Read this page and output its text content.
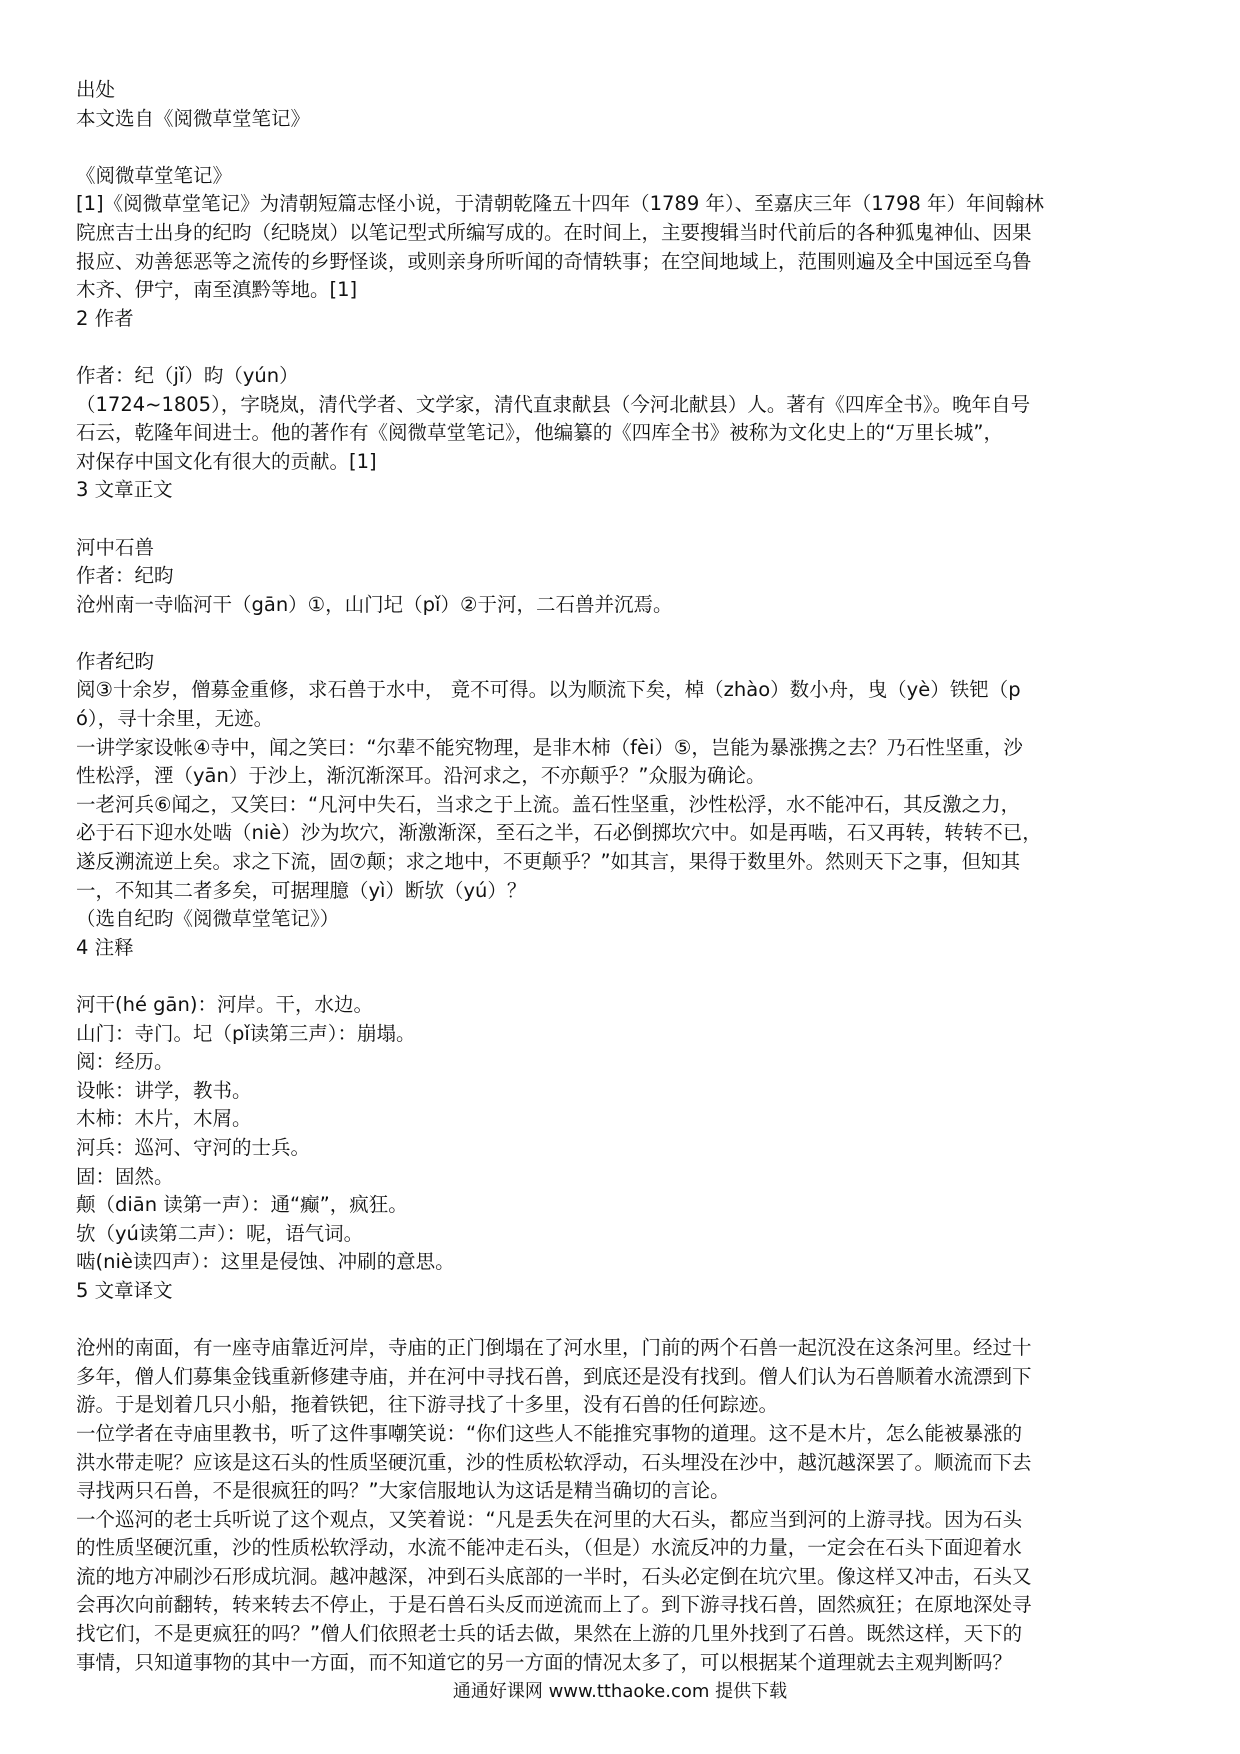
出处

本文选自《阅微草堂笔记》

《阅微草堂笔记》

[1]《阅微草堂笔记》为清朝短篇志怪小说，于清朝乾隆五十四年（1789 年）、至嘉庆三年（1798 年）年间翰林

院庶吉士出身的纪昀（纪晓岚）以笔记型式所编写成的。在时间上，主要搜辑当时代前后的各种狐鬼神仙、因果

报应、劝善惩恶等之流传的乡野怪谈，或则亲身所听闻的奇情轶事；在空间地域上，范围则遍及全中国远至乌鲁

木齐、伊宁，南至滇黔等地。[1]

2 作者

作者：纪（jǐ）昀（yún）

（1724~1805），字晓岚，清代学者、文学家，清代直隶献县（今河北献县）人。著有《四库全书》。晚年自号

石云，乾隆年间进士。他的著作有《阅微草堂笔记》，他编纂的《四库全书》被称为文化史上的“万里长城”，

对保存中国文化有很大的贡献。[1]

3 文章正文

河中石兽

作者：纪昀

沧州南一寺临河干（gān）①，山门圮（pǐ）②于河，二石兽并沉焉。

作者纪昀

阅③十余岁，僧募金重修，求石兽于水中， 竟不可得。以为顺流下矣，棹（zhào）数小舟，曳（yè）铁钯（p

ó），寻十余里，无迹。

一讲学家设帐④寺中，闻之笑曰：“尔辈不能究物理，是非木柿（fèi）⑤，岂能为暴涨携之去？乃石性坚重，沙

性松浮，湮（yān）于沙上，渐沉渐深耳。沿河求之，不亦颠乎？”众服为确论。

一老河兵⑥闻之，又笑曰：“凡河中失石，当求之于上流。盖石性坚重，沙性松浮，水不能冲石，其反激之力，

必于石下迎水处啮（niè）沙为坎穴，渐激渐深，至石之半，石必倒掷坎穴中。如是再啮，石又再转，转转不已，

遂反溯流逆上矣。求之下流，固⑦颠；求之地中，不更颠乎？”如其言，果得于数里外。然则天下之事，但知其

一，不知其二者多矣，可据理臆（yì）断欤（yú）？

（选自纪昀《阅微草堂笔记》）

4 注释

河干(hé gān)：河岸。干，水边。

山门：寺门。圮（pǐ读第三声）：崩塌。

阅：经历。

设帐：讲学，教书。

木柿：木片，木屑。

河兵：巡河、守河的士兵。

固：固然。

颠（diān 读第一声）：通“癫”，疯狂。

欤（yú读第二声）：呢，语气词。

啮(niè读四声）：这里是侵蚀、冲刷的意思。

5 文章译文

沧州的南面，有一座寺庙靠近河岸，寺庙的正门倒塌在了河水里，门前的两个石兽一起沉没在这条河里。经过十

多年，僧人们募集金钱重新修建寺庙，并在河中寻找石兽，到底还是没有找到。僧人们认为石兽顺着水流漂到下

游。于是划着几只小船，拖着铁钯，往下游寻找了十多里，没有石兽的任何踪迹。

一位学者在寺庙里教书，听了这件事嘲笑说：“你们这些人不能推究事物的道理。这不是木片，怎么能被暴涨的

洪水带走呢？应该是这石头的性质坚硬沉重，沙的性质松软浮动，石头埋没在沙中，越沉越深罢了。顺流而下去

寻找两只石兽，不是很疯狂的吗？”大家信服地认为这话是精当确切的言论。

一个巡河的老士兵听说了这个观点，又笑着说：“凡是丢失在河里的大石头，都应当到河的上游寻找。因为石头

的性质坚硬沉重，沙的性质松软浮动，水流不能冲走石头，（但是）水流反冲的力量，一定会在石头下面迎着水

流的地方冲刷沙石形成坑洞。越冲越深，冲到石头底部的一半时，石头必定倒在坑穴里。像这样又冲击，石头又

会再次向前翻转，转来转去不停止，于是石兽石头反而逆流而上了。到下游寻找石兽，固然疯狂；在原地深处寻

找它们，不是更疯狂的吗？”僧人们依照老士兵的话去做，果然在上游的几里外找到了石兽。既然这样，天下的

事情，只知道事物的其中一方面，而不知道它的另一方面的情况太多了，可以根据某个道理就去主观判断吗？

通通好课网 www.tthaoke.com 提供下载
